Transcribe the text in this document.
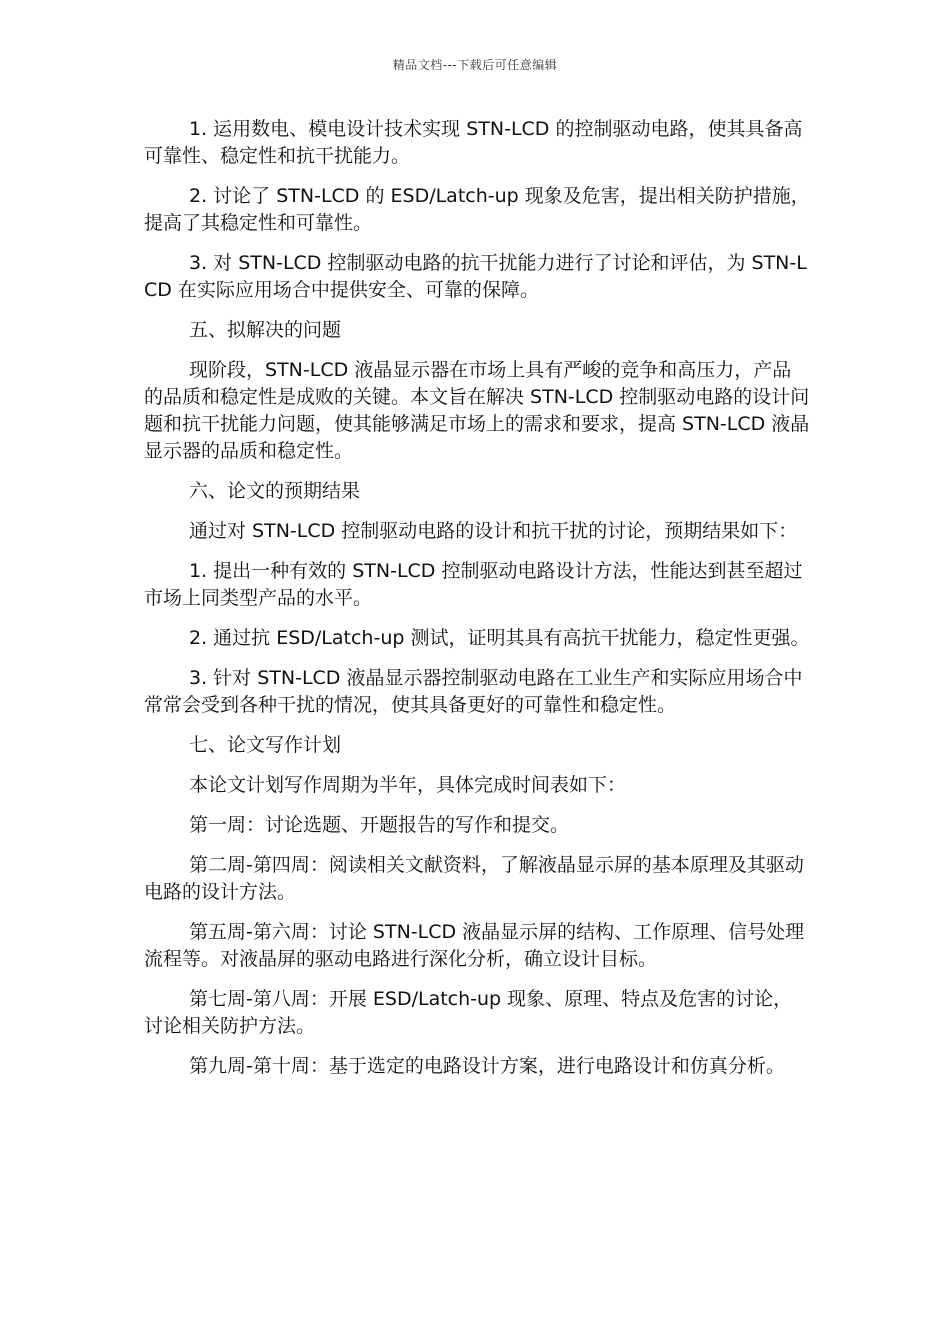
精品文档---下载后可任意编辑

1. 运用数电、模电设计技术实现 STN-LCD 的控制驱动电路，使其具备高可靠性、稳定性和抗干扰能力。

2. 讨论了 STN-LCD 的 ESD/Latch-up 现象及危害，提出相关防护措施，提高了其稳定性和可靠性。

3. 对 STN-LCD 控制驱动电路的抗干扰能力进行了讨论和评估，为 STN-LCD 在实际应用场合中提供安全、可靠的保障。

五、拟解决的问题

现阶段，STN-LCD 液晶显示器在市场上具有严峻的竞争和高压力，产品的品质和稳定性是成败的关键。本文旨在解决 STN-LCD 控制驱动电路的设计问题和抗干扰能力问题，使其能够满足市场上的需求和要求，提高 STN-LCD 液晶显示器的品质和稳定性。

六、论文的预期结果

通过对 STN-LCD 控制驱动电路的设计和抗干扰的讨论，预期结果如下：

1. 提出一种有效的 STN-LCD 控制驱动电路设计方法，性能达到甚至超过市场上同类型产品的水平。

2. 通过抗 ESD/Latch-up 测试，证明其具有高抗干扰能力，稳定性更强。

3. 针对 STN-LCD 液晶显示器控制驱动电路在工业生产和实际应用场合中常常会受到各种干扰的情况，使其具备更好的可靠性和稳定性。

七、论文写作计划

本论文计划写作周期为半年，具体完成时间表如下：

第一周：讨论选题、开题报告的写作和提交。

第二周-第四周：阅读相关文献资料，了解液晶显示屏的基本原理及其驱动电路的设计方法。

第五周-第六周：讨论 STN-LCD 液晶显示屏的结构、工作原理、信号处理流程等。对液晶屏的驱动电路进行深化分析，确立设计目标。

第七周-第八周：开展 ESD/Latch-up 现象、原理、特点及危害的讨论，讨论相关防护方法。

第九周-第十周：基于选定的电路设计方案，进行电路设计和仿真分析。
